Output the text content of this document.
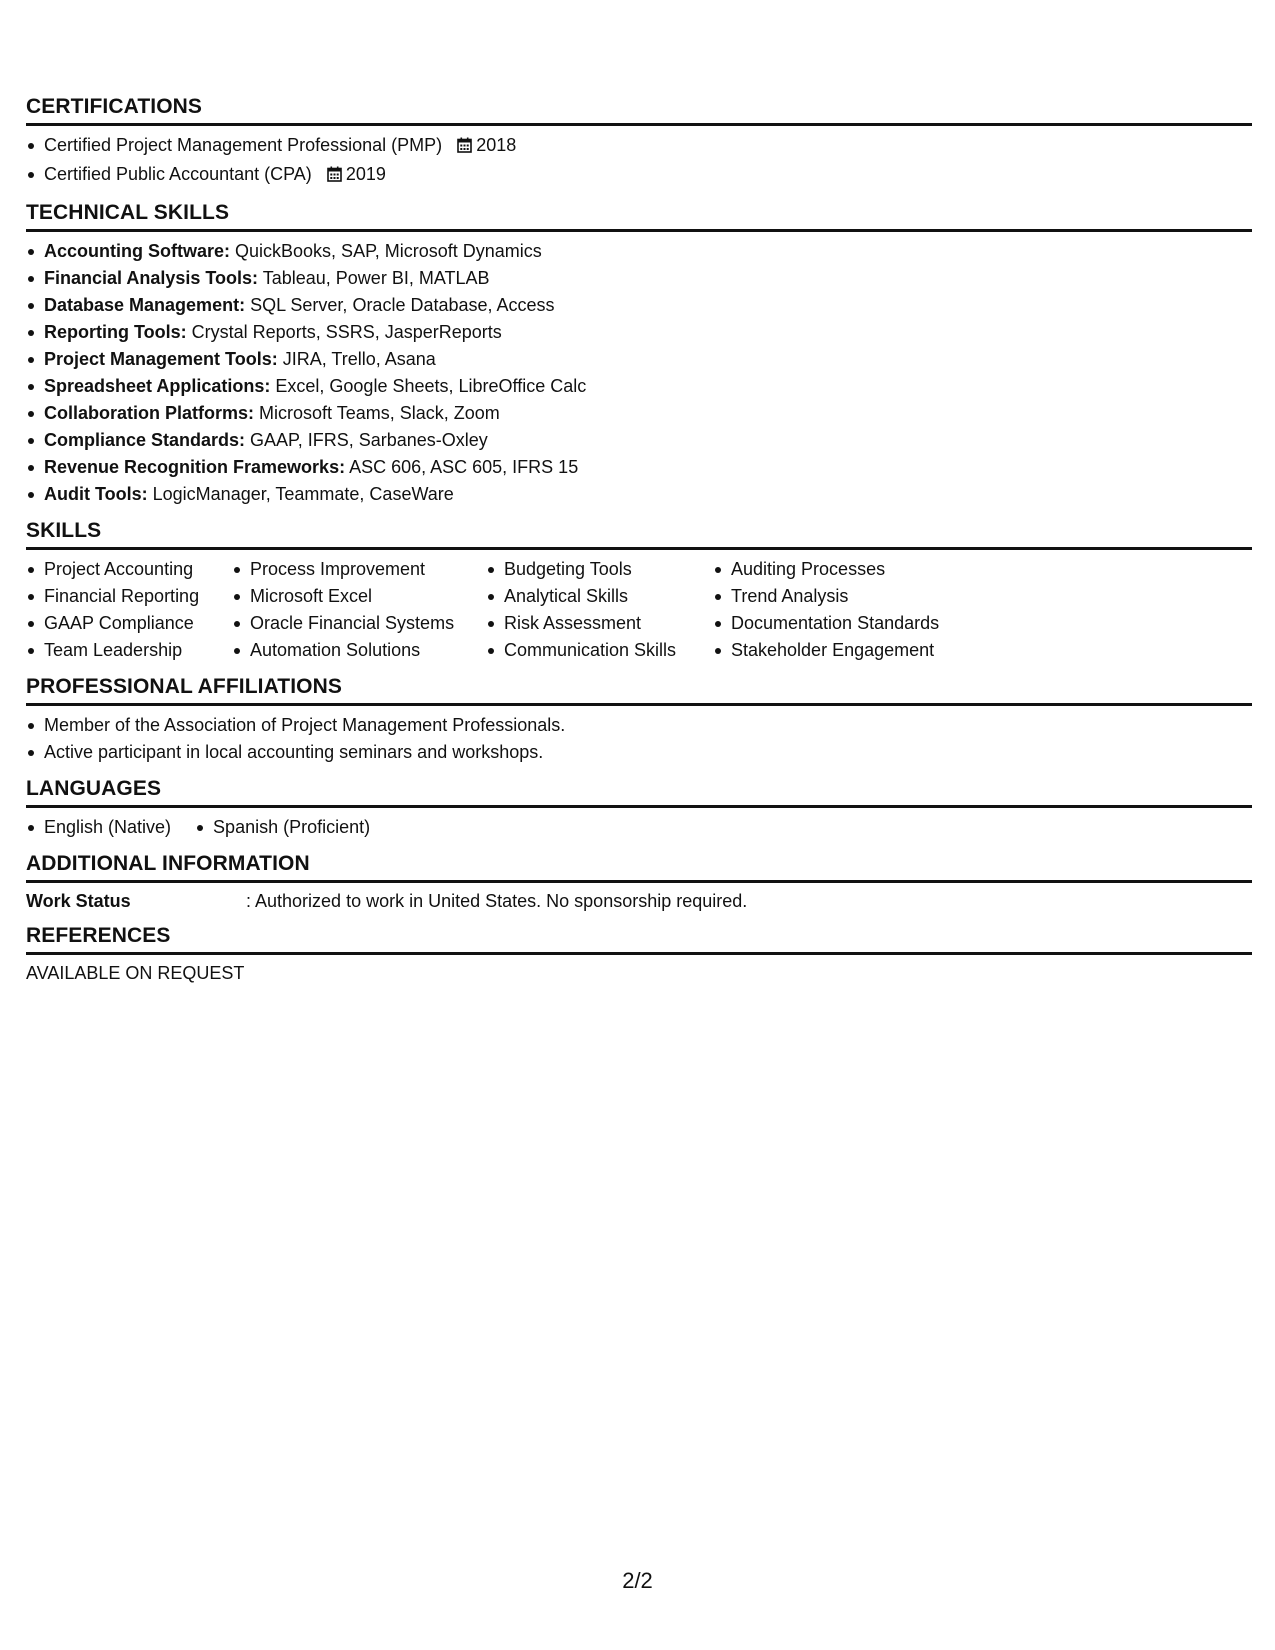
CERTIFICATIONS
Certified Project Management Professional (PMP) 2018
Certified Public Accountant (CPA) 2019
TECHNICAL SKILLS
Accounting Software: QuickBooks, SAP, Microsoft Dynamics
Financial Analysis Tools: Tableau, Power BI, MATLAB
Database Management: SQL Server, Oracle Database, Access
Reporting Tools: Crystal Reports, SSRS, JasperReports
Project Management Tools: JIRA, Trello, Asana
Spreadsheet Applications: Excel, Google Sheets, LibreOffice Calc
Collaboration Platforms: Microsoft Teams, Slack, Zoom
Compliance Standards: GAAP, IFRS, Sarbanes-Oxley
Revenue Recognition Frameworks: ASC 606, ASC 605, IFRS 15
Audit Tools: LogicManager, Teammate, CaseWare
SKILLS
Project Accounting
Financial Reporting
GAAP Compliance
Team Leadership
Process Improvement
Microsoft Excel
Oracle Financial Systems
Automation Solutions
Budgeting Tools
Analytical Skills
Risk Assessment
Communication Skills
Auditing Processes
Trend Analysis
Documentation Standards
Stakeholder Engagement
PROFESSIONAL AFFILIATIONS
Member of the Association of Project Management Professionals.
Active participant in local accounting seminars and workshops.
LANGUAGES
English (Native)	Spanish (Proficient)
ADDITIONAL INFORMATION
Work Status	: Authorized to work in United States. No sponsorship required.
REFERENCES

AVAILABLE ON REQUEST

2/2
